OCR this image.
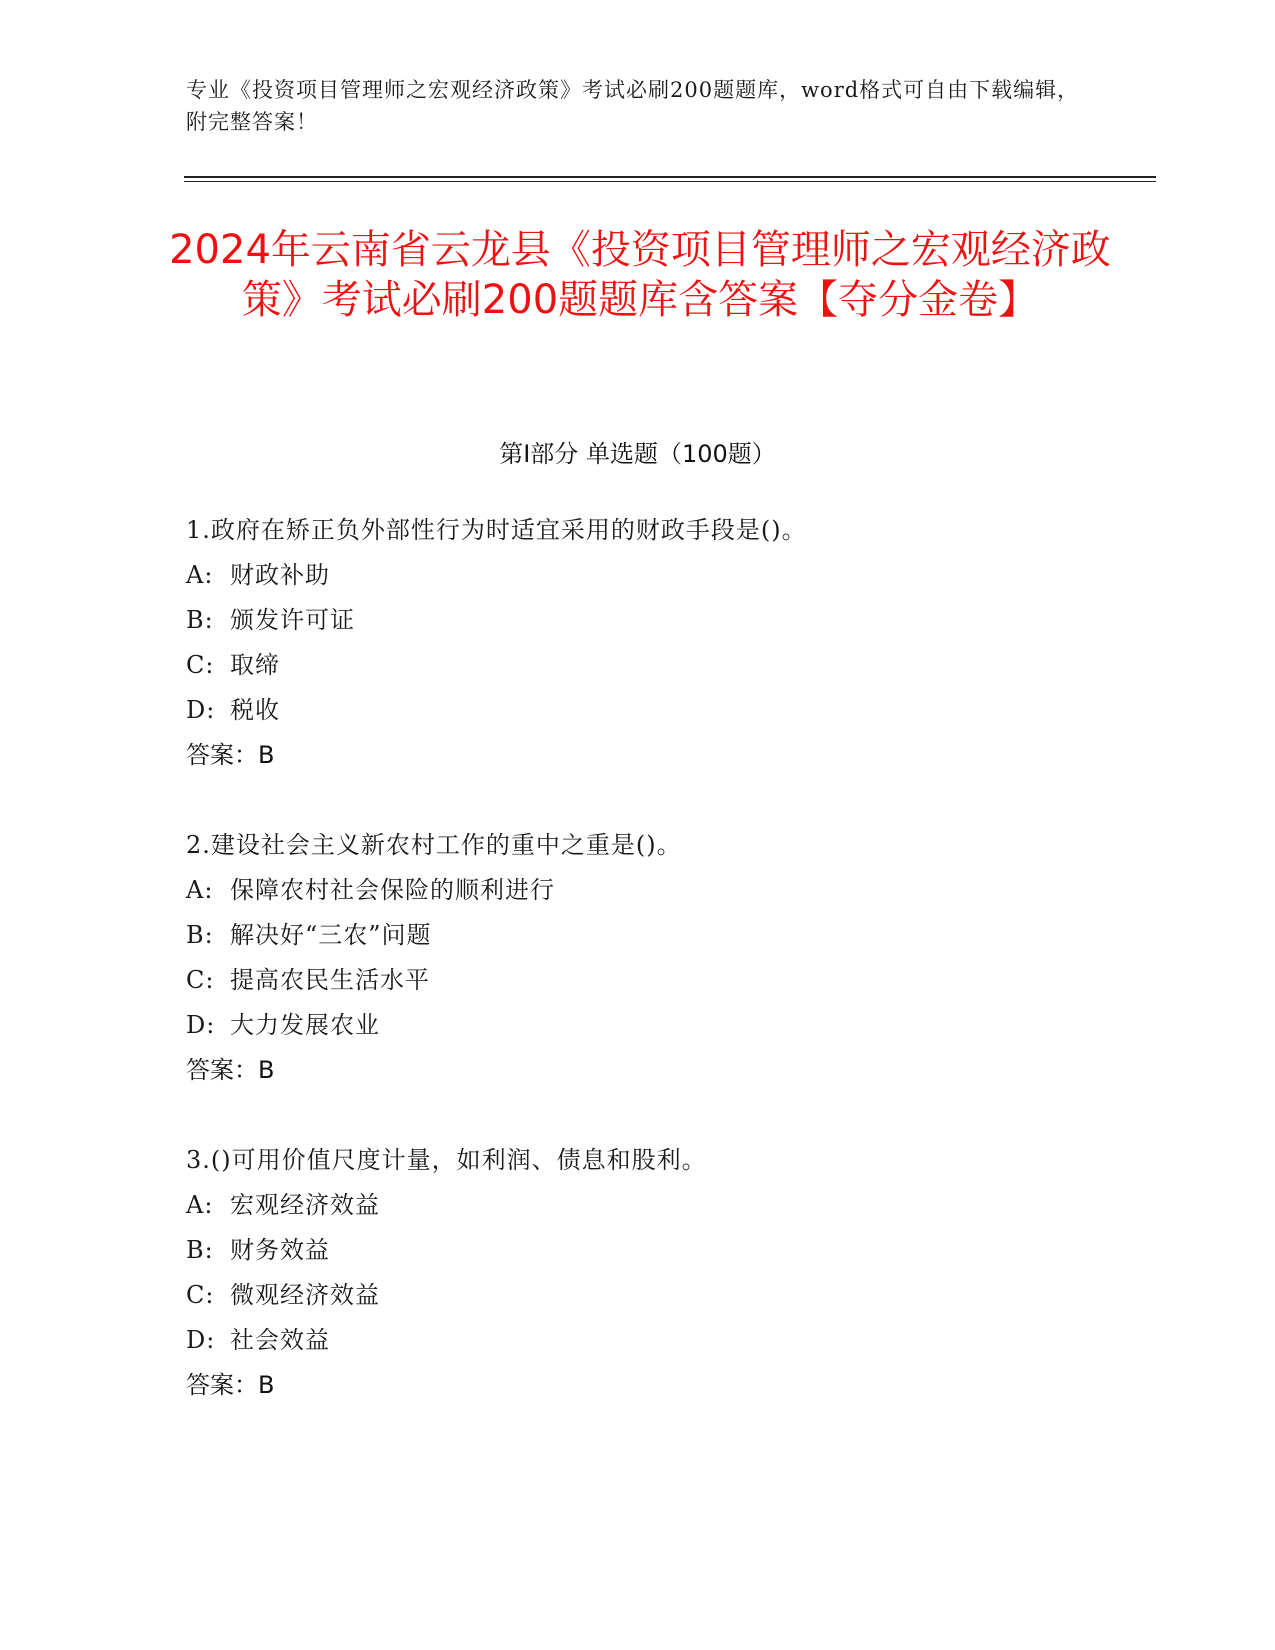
专业《投资项目管理师之宏观经济政策》考试必刷200题题库，word格式可自由下载编辑，附完整答案！
2024年云南省云龙县《投资项目管理师之宏观经济政策》考试必刷200题题库含答案【夺分金卷】
第Ⅰ部分 单选题（100题）
1.政府在矫正负外部性行为时适宜采用的财政手段是()。
A: 财政补助
B: 颁发许可证
C: 取缔
D: 税收
答案：B
2.建设社会主义新农村工作的重中之重是()。
A: 保障农村社会保险的顺利进行
B: 解决好“三农”问题
C: 提高农民生活水平
D: 大力发展农业
答案：B
3.()可用价值尺度计量，如利润、债息和股利。
A: 宏观经济效益
B: 财务效益
C: 微观经济效益
D: 社会效益
答案：B
